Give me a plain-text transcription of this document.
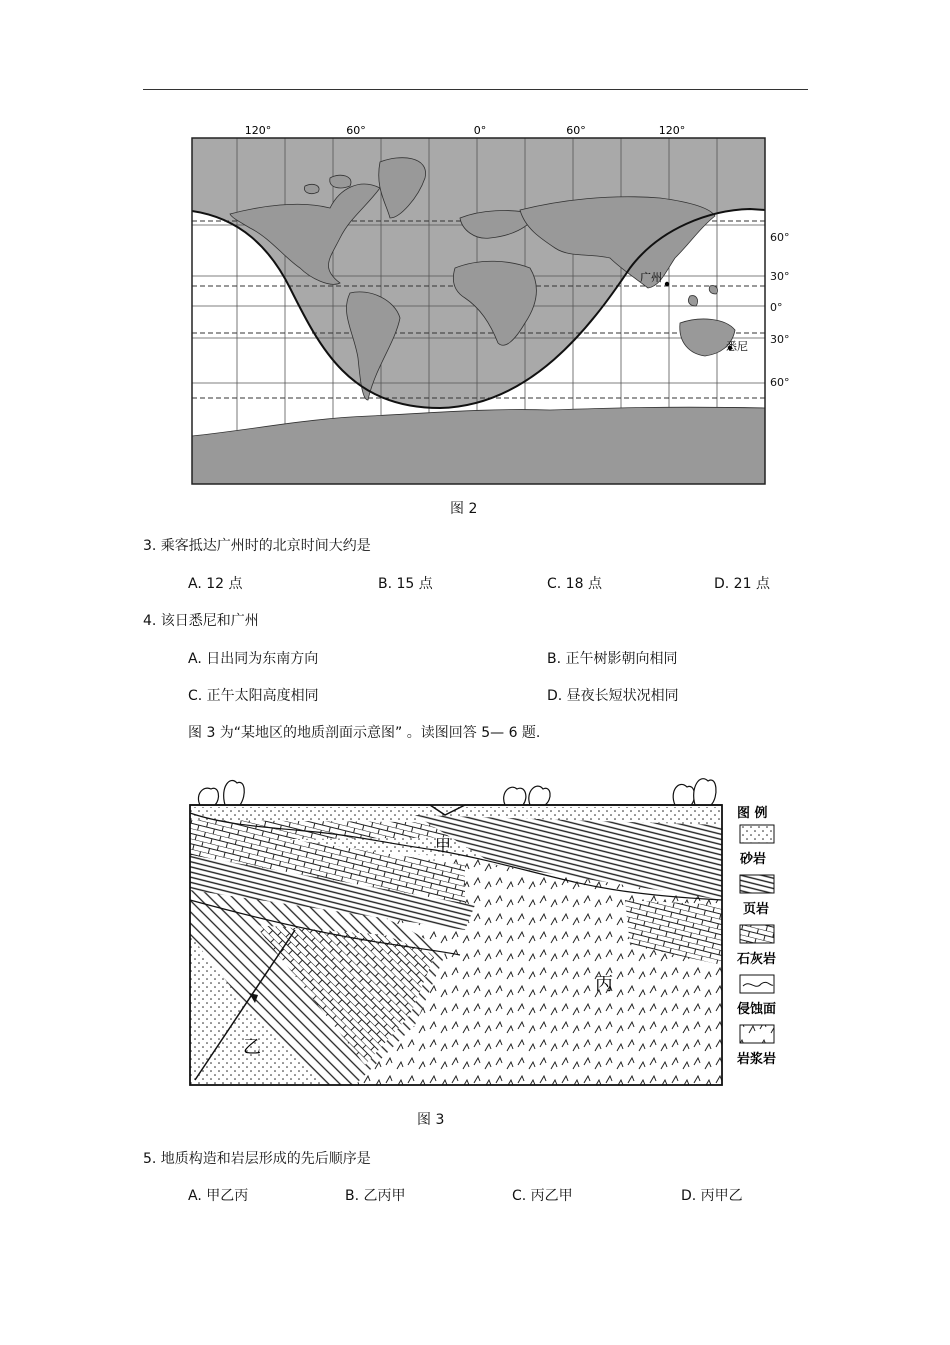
120°	60°	0°	60°	120°
广州
悉尼
60°
30°
0°
30°
60°
图 2
3. 乘客抵达广州时的北京时间大约是
A. 12 点	B. 15 点	C. 18 点	D. 21 点
4. 该日悉尼和广州
A. 日出同为东南方向	B. 正午树影朝向相同
C. 正午太阳高度相同	D. 昼夜长短状况相同
图 3 为“某地区的地质剖面示意图” 。读图回答 5— 6 题.
甲
乙
丙
图 例
砂岩
页岩
石灰岩
侵蚀面
岩浆岩
图 3
5. 地质构造和岩层形成的先后顺序是
A. 甲乙丙	B. 乙丙甲	C. 丙乙甲	D. 丙甲乙
